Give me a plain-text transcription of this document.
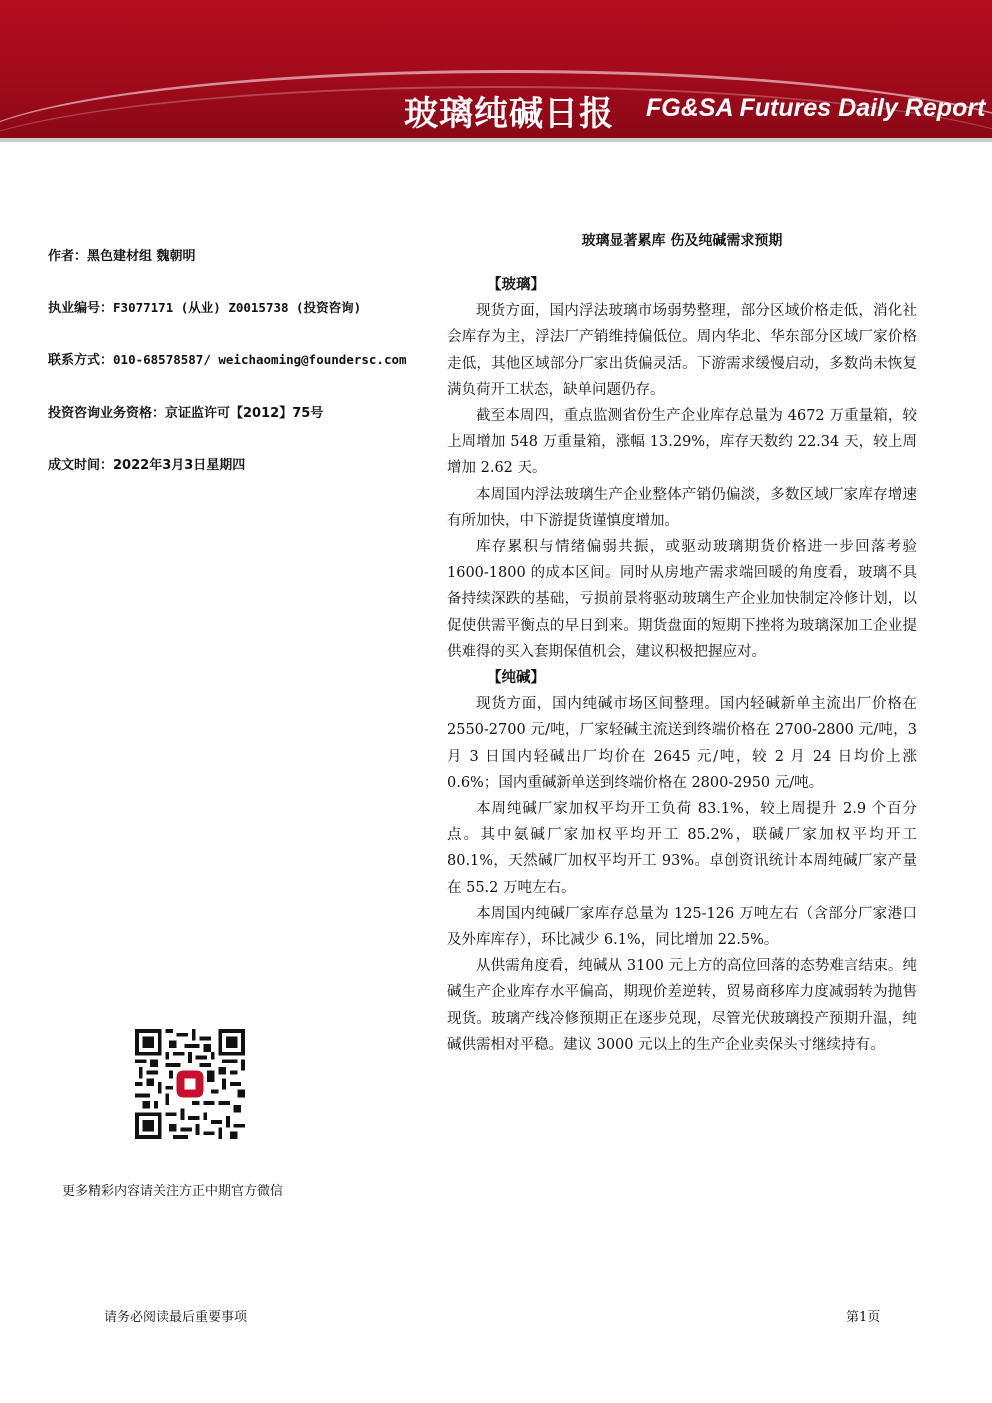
玻璃纯碱日报 FG&SA Futures Daily Report
作者：黑色建材组 魏朝明
执业编号：F3077171 (从业) Z0015738 (投资咨询)
联系方式：010-68578587/ weichaoming@foundersc.com
投资咨询业务资格：京证监许可【2012】75号
成文时间：2022年3月3日星期四
玻璃显著累库 伤及纯碱需求预期
【玻璃】

现货方面，国内浮法玻璃市场弱势整理，部分区域价格走低，消化社会库存为主，浮法厂产销维持偏低位。周内华北、华东部分区域厂家价格走低，其他区域部分厂家出货偏灵活。下游需求缓慢启动，多数尚未恢复满负荷开工状态，缺单问题仍存。

截至本周四，重点监测省份生产企业库存总量为 4672 万重量箱，较上周增加 548 万重量箱，涨幅 13.29%，库存天数约 22.34 天，较上周增加 2.62 天。

本周国内浮法玻璃生产企业整体产销仍偏淡，多数区域厂家库存增速有所加快，中下游提货谨慎度增加。

库存累积与情绪偏弱共振，或驱动玻璃期货价格进一步回落考验 1600-1800 的成本区间。同时从房地产需求端回暖的角度看，玻璃不具备持续深跌的基础，亏损前景将驱动玻璃生产企业加快制定冷修计划，以促使供需平衡点的早日到来。期货盘面的短期下挫将为玻璃深加工企业提供难得的买入套期保值机会，建议积极把握应对。

【纯碱】

现货方面，国内纯碱市场区间整理。国内轻碱新单主流出厂价格在 2550-2700 元/吨，厂家轻碱主流送到终端价格在 2700-2800 元/吨，3 月 3 日国内轻碱出厂均价在 2645 元/吨，较 2 月 24 日均价上涨 0.6%；国内重碱新单送到终端价格在 2800-2950 元/吨。

本周纯碱厂家加权平均开工负荷 83.1%，较上周提升 2.9 个百分点。其中氨碱厂家加权平均开工 85.2%，联碱厂家加权平均开工 80.1%，天然碱厂加权平均开工 93%。卓创资讯统计本周纯碱厂家产量在 55.2 万吨左右。

本周国内纯碱厂家库存总量为 125-126 万吨左右（含部分厂家港口及外库库存），环比减少 6.1%，同比增加 22.5%。

从供需角度看，纯碱从 3100 元上方的高位回落的态势难言结束。纯碱生产企业库存水平偏高，期现价差逆转，贸易商移库力度减弱转为抛售现货。玻璃产线冷修预期正在逐步兑现，尽管光伏玻璃投产预期升温，纯碱供需相对平稳。建议 3000 元以上的生产企业卖保头寸继续持有。

更多精彩内容请关注方正中期官方微信
请务必阅读最后重要事项	第1页
